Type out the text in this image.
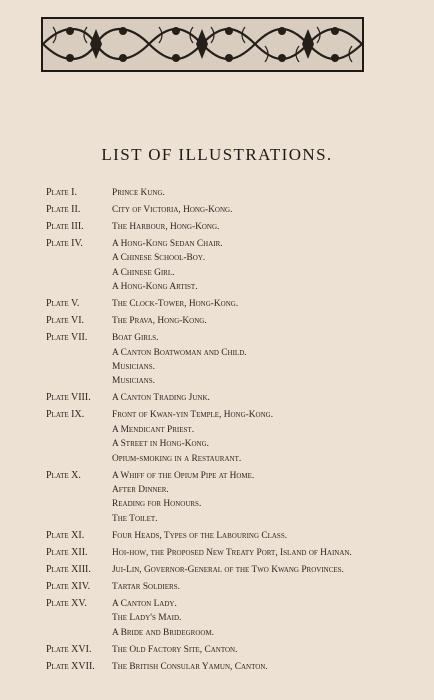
LIST OF ILLUSTRATIONS.
Plate I.	Prince Kung.
Plate II.	City of Victoria, Hong-Kong.
Plate III.	The Harbour, Hong-Kong.
Plate IV.	A Hong-Kong Sedan Chair.
A Chinese School-Boy.
A Chinese Girl.
A Hong-Kong Artist.
Plate V.	The Clock-Tower, Hong-Kong.
Plate VI.	The Prava, Hong-Kong.
Plate VII.	Boat Girls.
A Canton Boatwoman and Child.
Musicians.
Musicians.
Plate VIII.	A Canton Trading Junk.
Plate IX.	Front of Kwan-yin Temple, Hong-Kong.
A Mendicant Priest.
A Street in Hong-Kong.
Opium-smoking in a Restaurant.
Plate X.	A Whiff of the Opium Pipe at Home.
After Dinner.
Reading for Honours.
The Toilet.
Plate XI.	Four Heads, Types of the Labouring Class.
Plate XII.	Hoi-how, the Proposed New Treaty Port, Island of Hainan.
Plate XIII.	Jui-Lin, Governor-General of the Two Kwang Provinces.
Plate XIV.	Tartar Soldiers.
Plate XV.	A Canton Lady.
The Lady's Maid.
A Bride and Bridegroom.
Plate XVI.	The Old Factory Site, Canton.
Plate XVII.	The British Consular Yamun, Canton.
